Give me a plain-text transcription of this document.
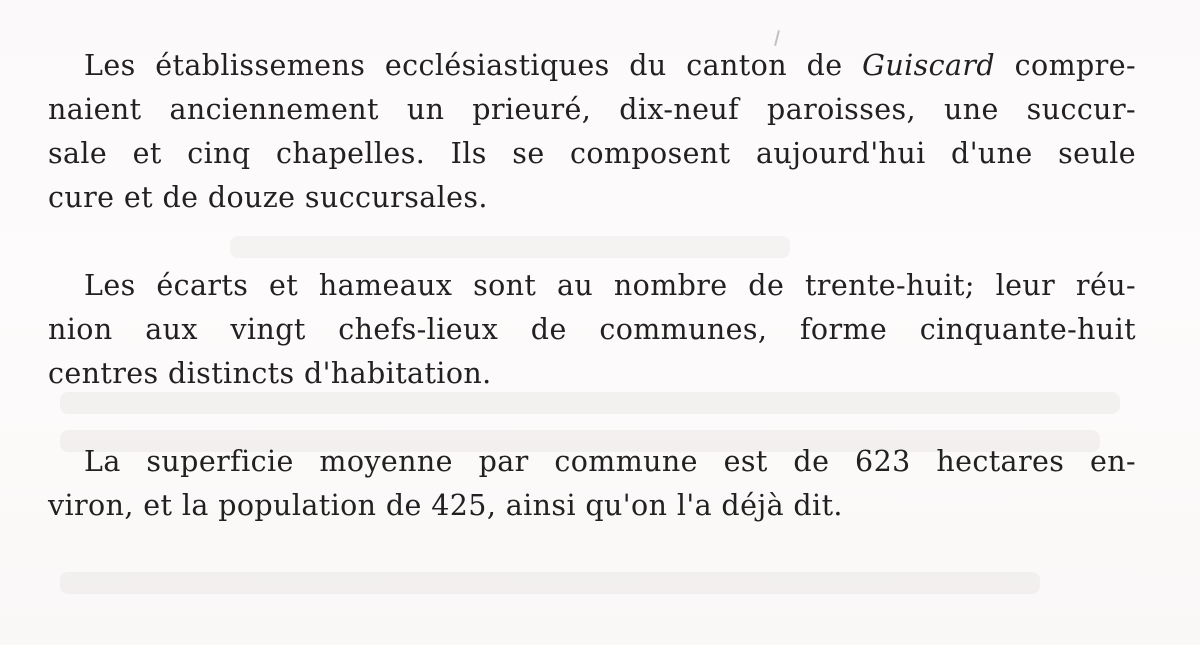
Les établissemens ecclésiastiques du canton de Guiscard compre-
naient anciennement un prieuré, dix-neuf paroisses, une succur-
sale et cinq chapelles. Ils se composent aujourd'hui d'une seule
cure et de douze succursales.

Les écarts et hameaux sont au nombre de trente-huit; leur réu-
nion aux vingt chefs-lieux de communes, forme cinquante-huit
centres distincts d'habitation.

La superficie moyenne par commune est de 623 hectares en-
viron, et la population de 425, ainsi qu'on l'a déjà dit.
